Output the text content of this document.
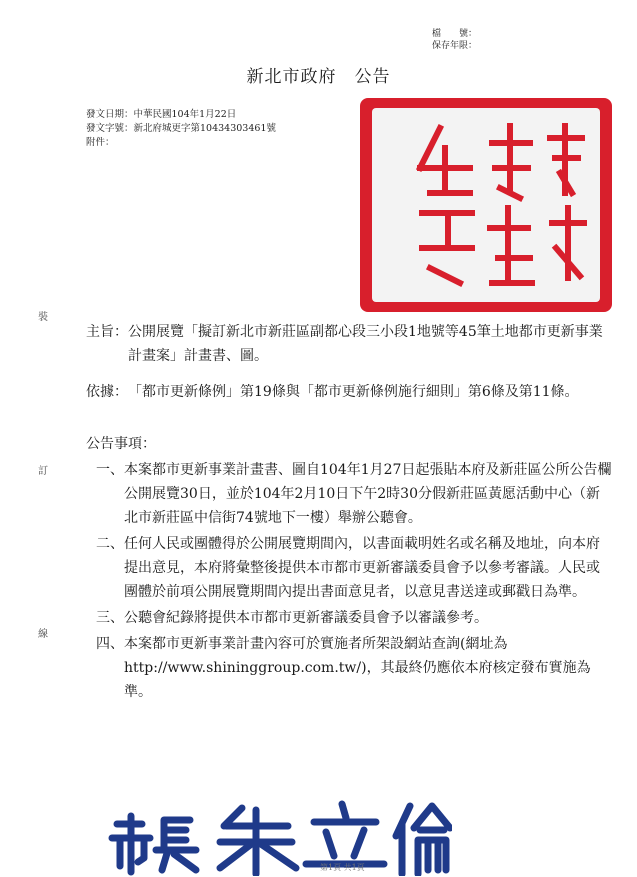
檔　　號：
保存年限：
新北市政府　公告
發文日期：中華民國104年1月22日
發文字號：新北府城更字第10434303461號
附件：
裝
訂
線
主旨： 公開展覽「擬訂新北市新莊區副都心段三小段1地號等45筆土地都市更新事業計畫案」計畫書、圖。
依據： 「都市更新條例」第19條與「都市更新條例施行細則」第6條及第11條。
公告事項：
一、 本案都市更新事業計畫書、圖自104年1月27日起張貼本府及新莊區公所公告欄公開展覽30日，並於104年2月10日下午2時30分假新莊區黃愿活動中心（新北市新莊區中信街74號地下一樓）舉辦公聽會。
二、 任何人民或團體得於公開展覽期間內，以書面載明姓名或名稱及地址，向本府提出意見，本府將彙整後提供本市都市更新審議委員會予以參考審議。人民或團體於前項公開展覽期間內提出書面意見者，以意見書送達或郵戳日為準。
三、 公聽會紀錄將提供本市都市更新審議委員會予以審議參考。
四、 本案都市更新事業計畫內容可於實施者所架設網站查詢(網址為http://www.shininggroup.com.tw/)，其最終仍應依本府核定發布實施為準。
第1頁 共1頁
